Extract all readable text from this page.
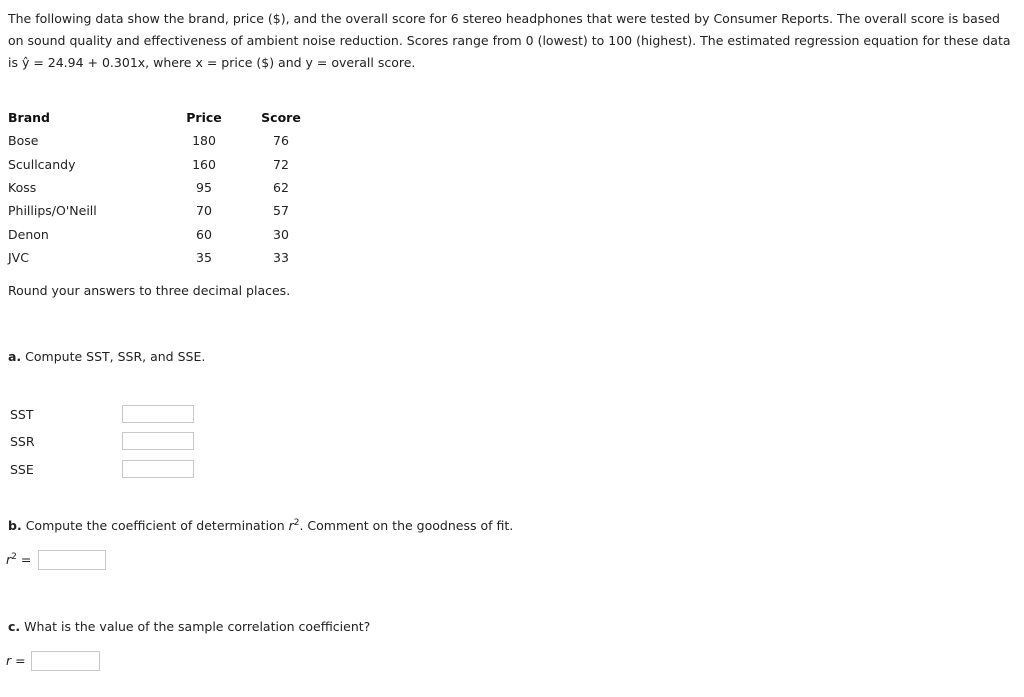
The following data show the brand, price ($), and the overall score for 6 stereo headphones that were tested by Consumer Reports. The overall score is based on sound quality and effectiveness of ambient noise reduction. Scores range from 0 (lowest) to 100 (highest). The estimated regression equation for these data is ŷ = 24.94 + 0.301x, where x = price ($) and y = overall score.

Brand	Price	Score
Bose	180	76
Scullcandy	160	72
Koss	95	62
Phillips/O'Neill	70	57
Denon	60	30
JVC	35	33

Round your answers to three decimal places.

a. Compute SST, SSR, and SSE.

SST
SSR
SSE

b. Compute the coefficient of determination $r^2$. Comment on the goodness of fit.

$r^2$ =

c. What is the value of the sample correlation coefficient?

r =
